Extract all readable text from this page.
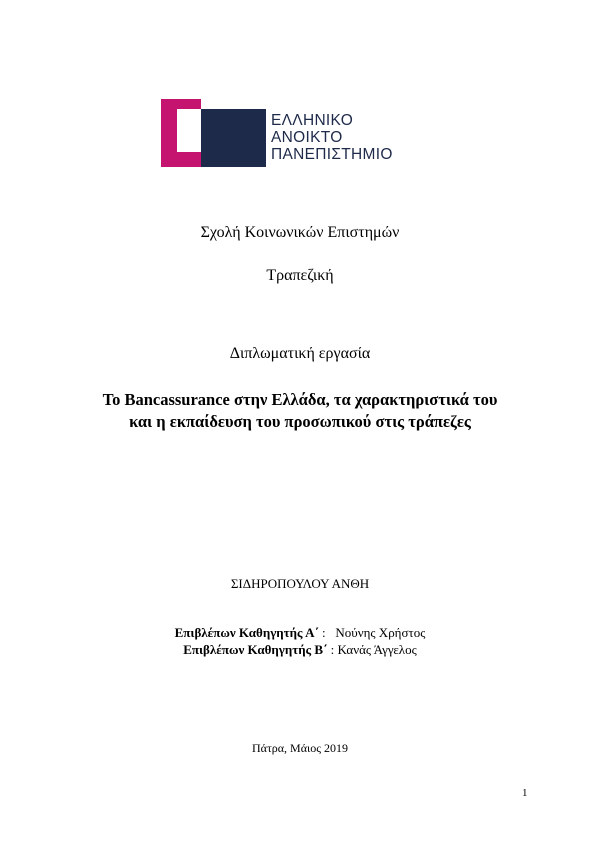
ΕΛΛΗΝΙΚΟ
ΑΝΟΙΚΤΟ
ΠΑΝΕΠΙΣΤΗΜΙΟ
Σχολή Κοινωνικών Επιστημών
Τραπεζική
Διπλωματική εργασία
Το Bancassurance στην Ελλάδα, τα χαρακτηριστικά του
και η εκπαίδευση του προσωπικού στις τράπεζες
ΣΙΔΗΡΟΠΟΥΛΟΥ ΑΝΘΗ
Επιβλέπων Καθηγητής Α΄ :   Νούνης Χρήστος
Επιβλέπων Καθηγητής Β΄ : Κανάς Άγγελος
Πάτρα, Μάιος 2019
1
